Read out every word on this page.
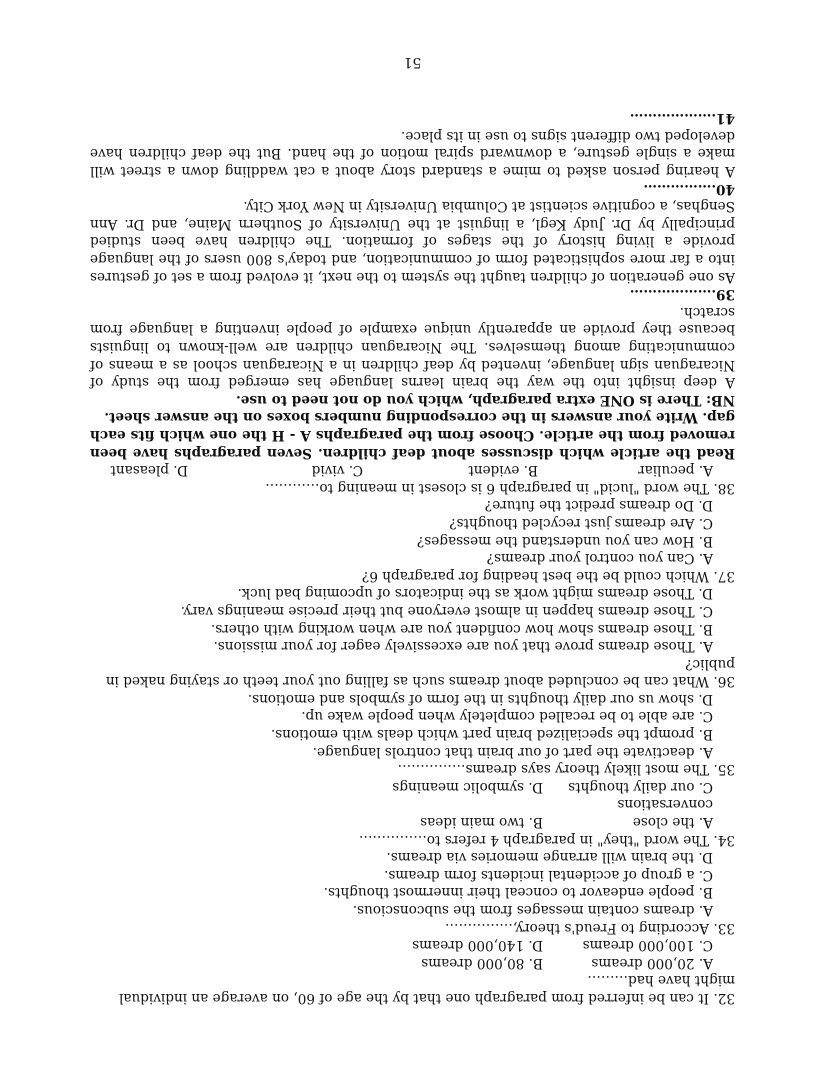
32. It can be inferred from paragraph one that by the age of 60, on average an individual might have had………

A. 20,000 dreams
B. 80,000 dreams
C. 100,000 dreams
D. 140,000 dreams

33. According to Freud's theory,……………

A. dreams contain messages from the subconscious.

B. people endeavor to conceal their innermost thoughts.

C. a group of accidental incidents form dreams.

D. the brain will arrange memories via dreams.

34. The word "they" in paragraph 4 refers to……………

A. the close conversations
B. two main ideas
C. our daily thoughts
D. symbolic meanings

35. The most likely theory says dreams……………

A. deactivate the part of our brain that controls language.

B. prompt the specialized brain part which deals with emotions.

C. are able to be recalled completely when people wake up.

D. show us our daily thoughts in the form of symbols and emotions.

36. What can be concluded about dreams such as falling out your teeth or staying naked in public?

A. Those dreams prove that you are excessively eager for your missions.

B. Those dreams show how confident you are when working with others.

C. Those dreams happen in almost everyone but their precise meanings vary.

D. Those dreams might work as the indicators of upcoming bad luck.

37. Which could be the best heading for paragraph 6?

A. Can you control your dreams?

B. How can you understand the messages?

C. Are dreams just recycled thoughts?

D. Do dreams predict the future?

38. The word "lucid" in paragraph 6 is closest in meaning to…………

A. peculiar
B. evident
C. vivid
D. pleasant

Read the article which discusses about deaf children. Seven paragraphs have been removed from the article. Choose from the paragraphs A - H the one which fits each gap. Write your answers in the corresponding numbers boxes on the answer sheet.

NB: There is ONE extra paragraph, which you do not need to use.

A deep insight into the way the brain learns language has emerged from the study of Nicaraguan sign language, invented by deaf children in a Nicaraguan school as a means of communicating among themselves. The Nicaraguan children are well-known to linguists because they provide an apparently unique example of people inventing a language from scratch.

39.………………

As one generation of children taught the system to the next, it evolved from a set of gestures into a far more sophisticated form of communication, and today's 800 users of the language provide a living history of the stages of formation. The children have been studied principally by Dr. Judy Kegl, a linguist at the University of Southern Maine, and Dr. Ann Senghas, a cognitive scientist at Columbia University in New York City.

40.……………

A hearing person asked to mime a standard story about a cat waddling down a street will make a single gesture, a downward spiral motion of the hand. But the deaf children have developed two different signs to use in its place.

41.………………

51
